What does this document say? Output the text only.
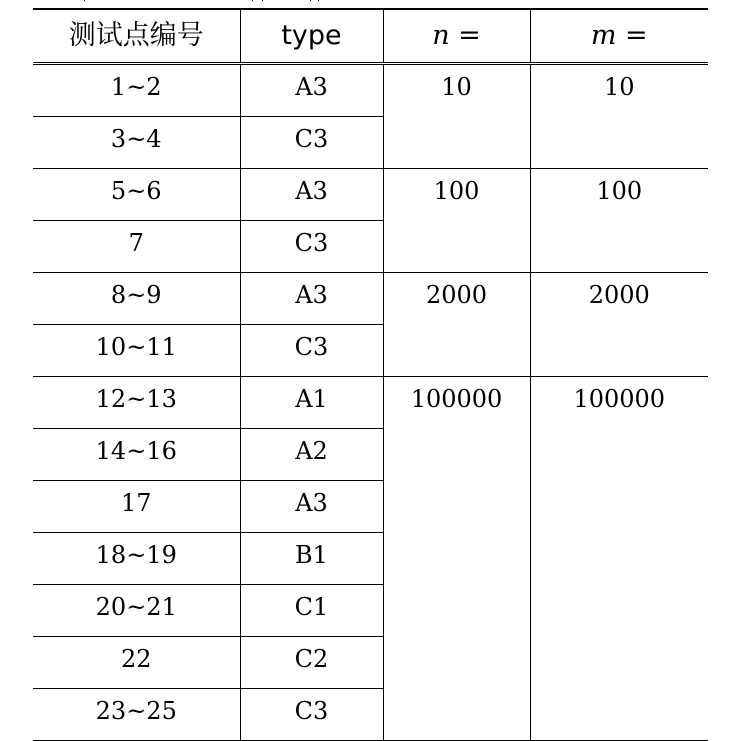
测试点编号	type	n =	m =
1~2	A3	10	10
3~4	C3		
5~6	A3	100	100
7	C3		
8~9	A3	2000	2000
10~11	C3		
12~13	A1	100000	100000
14~16	A2		
17	A3		
18~19	B1		
20~21	C1		
22	C2		
23~25	C3		
